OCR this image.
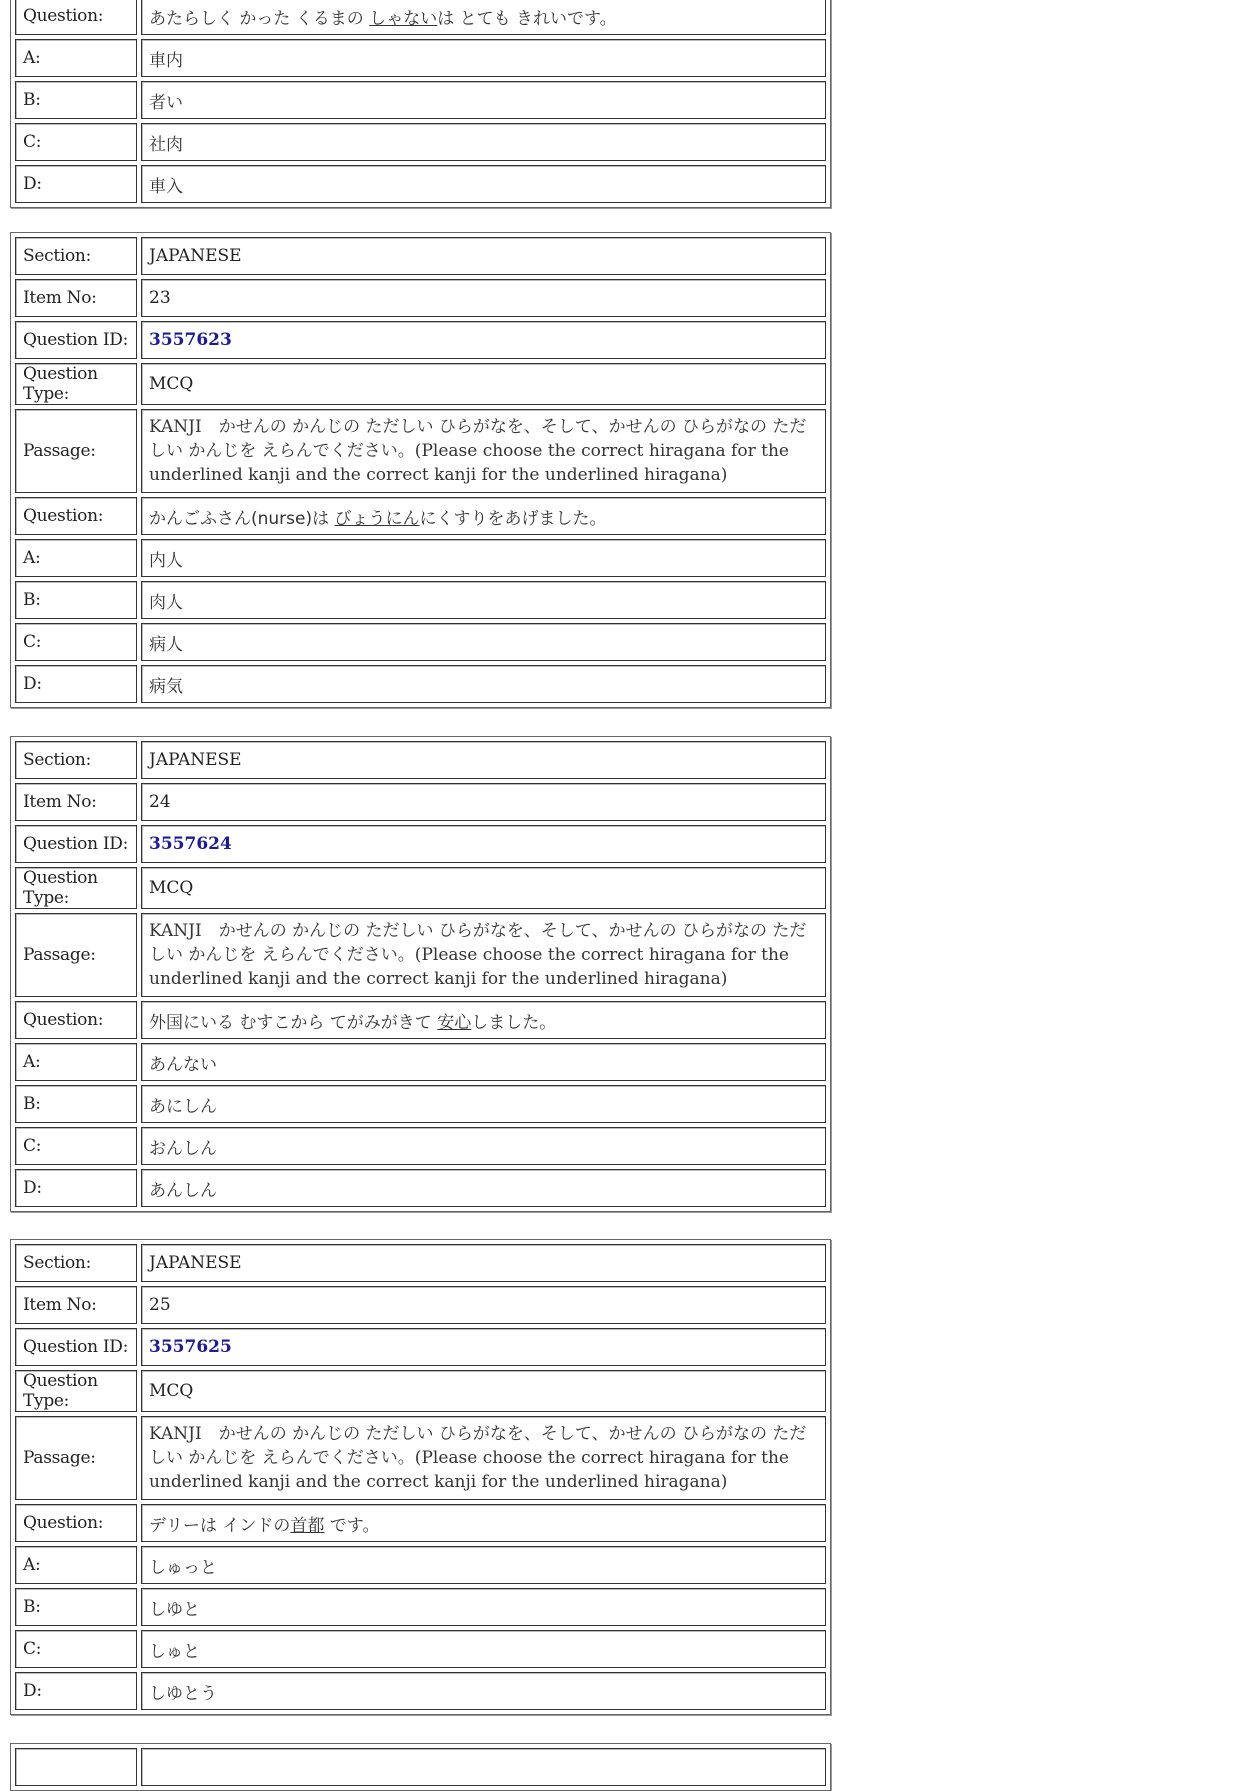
Question:	あたらしく かった くるまの しゃないは とても きれいです。
A:	車内
B:	者い
C:	社肉
D:	車入
Section:	JAPANESE
Item No:	23
Question ID:	3557623
Question Type:	MCQ
Passage:	KANJI　かせんの かんじの ただしい ひらがなを、そして、かせんの ひらがなの ただしい かんじを えらんでください。(Please choose the correct hiragana for the underlined kanji and the correct kanji for the underlined hiragana)
Question:	かんごふさん(nurse)は びょうにんにくすりをあげました。
A:	内人
B:	肉人
C:	病人
D:	病気
Section:	JAPANESE
Item No:	24
Question ID:	3557624
Question Type:	MCQ
Passage:	KANJI　かせんの かんじの ただしい ひらがなを、そして、かせんの ひらがなの ただしい かんじを えらんでください。(Please choose the correct hiragana for the underlined kanji and the correct kanji for the underlined hiragana)
Question:	外国にいる むすこから てがみがきて 安心しました。
A:	あんない
B:	あにしん
C:	おんしん
D:	あんしん
Section:	JAPANESE
Item No:	25
Question ID:	3557625
Question Type:	MCQ
Passage:	KANJI　かせんの かんじの ただしい ひらがなを、そして、かせんの ひらがなの ただしい かんじを えらんでください。(Please choose the correct hiragana for the underlined kanji and the correct kanji for the underlined hiragana)
Question:	デリーは インドの首都 です。
A:	しゅっと
B:	しゆと
C:	しゅと
D:	しゆとう
